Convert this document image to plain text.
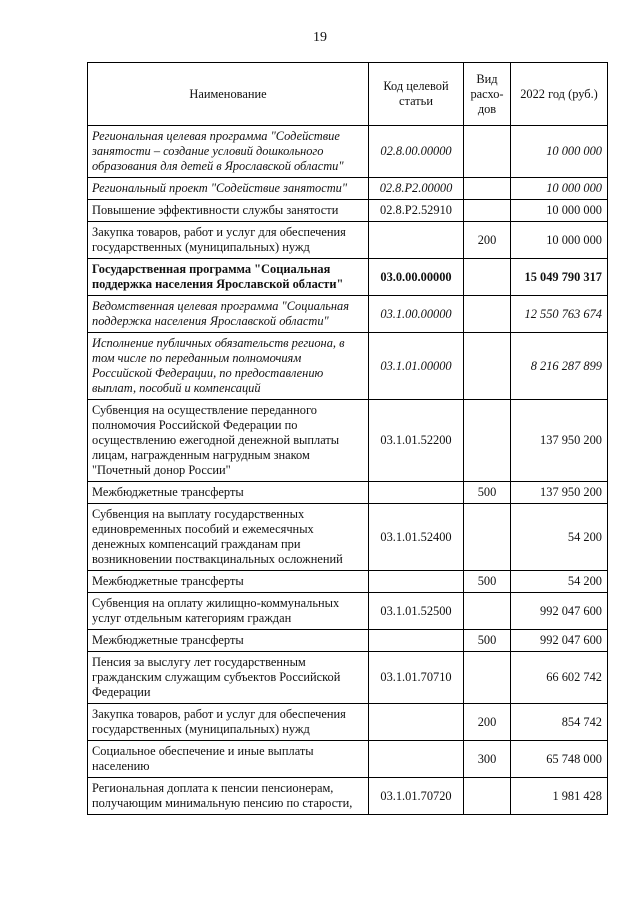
19
Наименование	Код целевой статьи	Вид расхо-дов	2022 год (руб.)
Региональная целевая программа "Содействие занятости – создание условий дошкольного образования для детей в Ярославской области"	02.8.00.00000		10 000 000
Региональный проект "Содействие занятости"	02.8.P2.00000		10 000 000
Повышение эффективности службы занятости	02.8.P2.52910		10 000 000
Закупка товаров, работ и услуг для обеспечения государственных (муниципальных) нужд		200	10 000 000
Государственная программа "Социальная поддержка населения Ярославской области"	03.0.00.00000		15 049 790 317
Ведомственная целевая программа "Социальная поддержка населения Ярославской области"	03.1.00.00000		12 550 763 674
Исполнение публичных обязательств региона, в том числе по переданным полномочиям Российской Федерации, по предоставлению выплат, пособий и компенсаций	03.1.01.00000		8 216 287 899
Субвенция на осуществление переданного полномочия Российской Федерации по осуществлению ежегодной денежной выплаты лицам, награжденным нагрудным знаком "Почетный донор России"	03.1.01.52200		137 950 200
Межбюджетные трансферты		500	137 950 200
Субвенция на выплату государственных единовременных пособий и ежемесячных денежных компенсаций гражданам при возникновении поствакцинальных осложнений	03.1.01.52400		54 200
Межбюджетные трансферты		500	54 200
Субвенция на оплату жилищно-коммунальных услуг отдельным категориям граждан	03.1.01.52500		992 047 600
Межбюджетные трансферты		500	992 047 600
Пенсия за выслугу лет государственным гражданским служащим субъектов Российской Федерации	03.1.01.70710		66 602 742
Закупка товаров, работ и услуг для обеспечения государственных (муниципальных) нужд		200	854 742
Социальное обеспечение и иные выплаты населению		300	65 748 000
Региональная доплата к пенсии пенсионерам, получающим минимальную пенсию по старости,	03.1.01.70720		1 981 428
